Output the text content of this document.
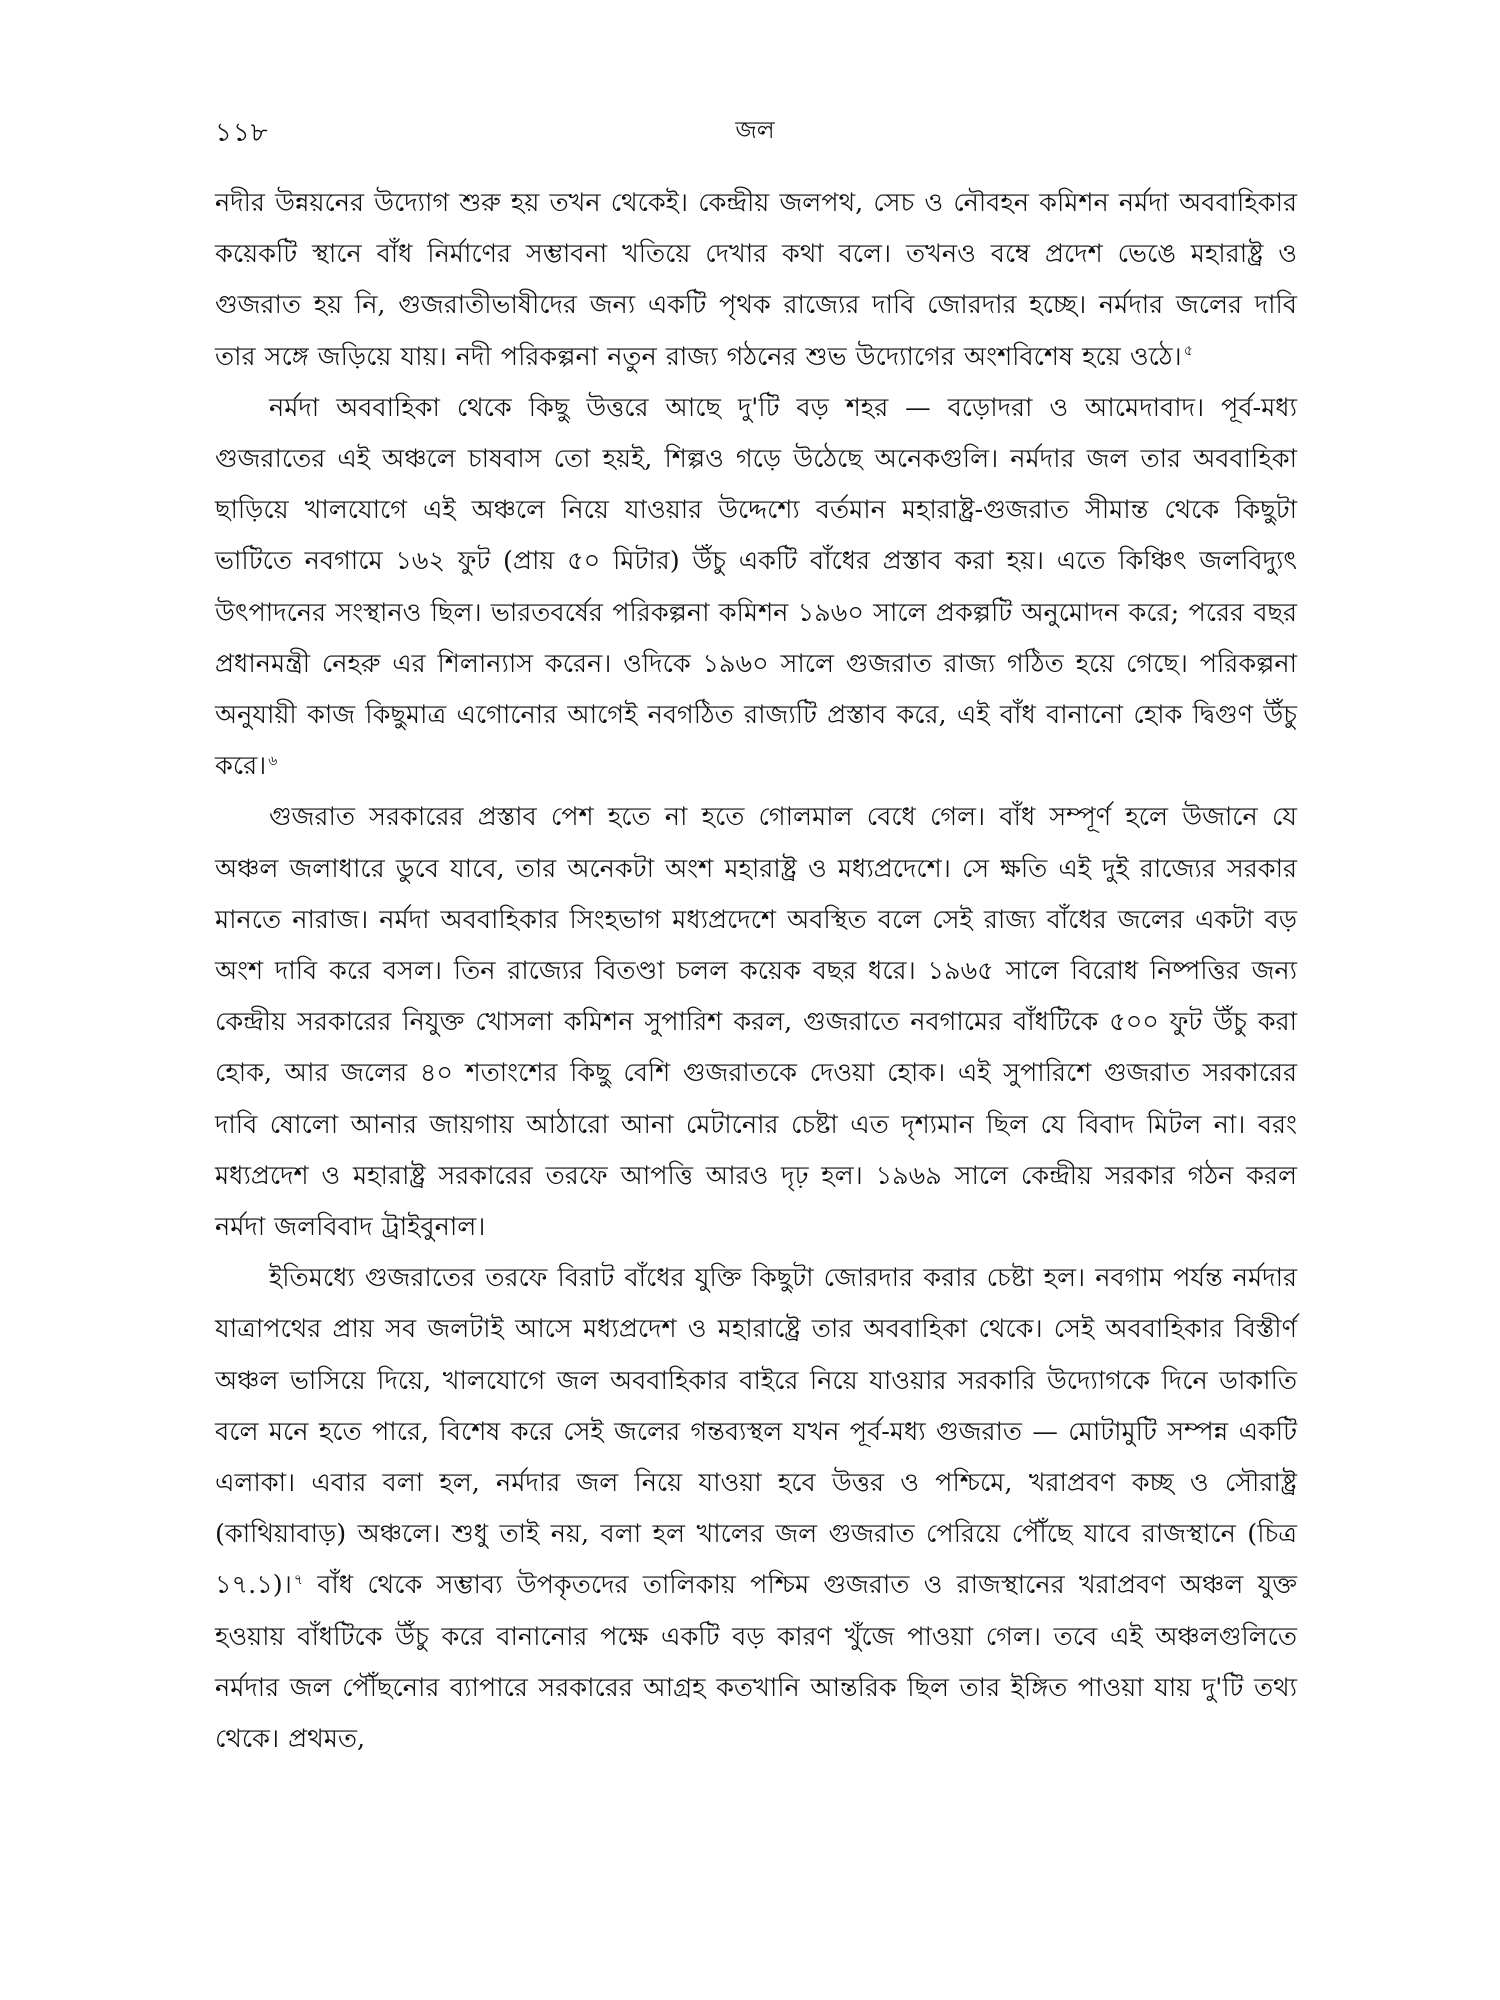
১১৮	জল

নদীর উন্নয়নের উদ্যোগ শুরু হয় তখন থেকেই। কেন্দ্রীয় জলপথ, সেচ ও নৌবহন কমিশন নর্মদা অববাহিকার কয়েকটি স্থানে বাঁধ নির্মাণের সম্ভাবনা খতিয়ে দেখার কথা বলে। তখনও বম্বে প্রদেশ ভেঙে মহারাষ্ট্র ও গুজরাত হয় নি, গুজরাতীভাষীদের জন্য একটি পৃথক রাজ্যের দাবি জোরদার হচ্ছে। নর্মদার জলের দাবি তার সঙ্গে জড়িয়ে যায়। নদী পরিকল্পনা নতুন রাজ্য গঠনের শুভ উদ্যোগের অংশবিশেষ হয়ে ওঠে। $^৫$

নর্মদা অববাহিকা থেকে কিছু উত্তরে আছে দু'টি বড় শহর — বড়োদরা ও আমেদাবাদ। পূর্ব-মধ্য গুজরাতের এই অঞ্চলে চাষবাস তো হয়ই, শিল্পও গড়ে উঠেছে অনেকগুলি। নর্মদার জল তার অববাহিকা ছাড়িয়ে খালযোগে এই অঞ্চলে নিয়ে যাওয়ার উদ্দেশ্যে বর্তমান মহারাষ্ট্র-গুজরাত সীমান্ত থেকে কিছুটা ভাটিতে নবগামে ১৬২ ফুট (প্রায় ৫০ মিটার) উঁচু একটি বাঁধের প্রস্তাব করা হয়। এতে কিঞ্চিৎ জলবিদ্যুৎ উৎপাদনের সংস্থানও ছিল। ভারতবর্ষের পরিকল্পনা কমিশন ১৯৬০ সালে প্রকল্পটি অনুমোদন করে; পরের বছর প্রধানমন্ত্রী নেহরু এর শিলান্যাস করেন। ওদিকে ১৯৬০ সালে গুজরাত রাজ্য গঠিত হয়ে গেছে। পরিকল্পনা অনুযায়ী কাজ কিছুমাত্র এগোনোর আগেই নবগঠিত রাজ্যটি প্রস্তাব করে, এই বাঁধ বানানো হোক দ্বিগুণ উঁচু করে। $^৬$

গুজরাত সরকারের প্রস্তাব পেশ হতে না হতে গোলমাল বেধে গেল। বাঁধ সম্পূর্ণ হলে উজানে যে অঞ্চল জলাধারে ডুবে যাবে, তার অনেকটা অংশ মহারাষ্ট্র ও মধ্যপ্রদেশে। সে ক্ষতি এই দুই রাজ্যের সরকার মানতে নারাজ। নর্মদা অববাহিকার সিংহভাগ মধ্যপ্রদেশে অবস্থিত বলে সেই রাজ্য বাঁধের জলের একটা বড় অংশ দাবি করে বসল। তিন রাজ্যের বিতণ্ডা চলল কয়েক বছর ধরে। ১৯৬৫ সালে বিরোধ নিষ্পত্তির জন্য কেন্দ্রীয় সরকারের নিযুক্ত খোসলা কমিশন সুপারিশ করল, গুজরাতে নবগামের বাঁধটিকে ৫০০ ফুট উঁচু করা হোক, আর জলের ৪০ শতাংশের কিছু বেশি গুজরাতকে দেওয়া হোক। এই সুপারিশে গুজরাত সরকারের দাবি ষোলো আনার জায়গায় আঠারো আনা মেটানোর চেষ্টা এত দৃশ্যমান ছিল যে বিবাদ মিটল না। বরং মধ্যপ্রদেশ ও মহারাষ্ট্র সরকারের তরফে আপত্তি আরও দৃঢ় হল। ১৯৬৯ সালে কেন্দ্রীয় সরকার গঠন করল নর্মদা জলবিবাদ ট্রাইবুনাল।

ইতিমধ্যে গুজরাতের তরফে বিরাট বাঁধের যুক্তি কিছুটা জোরদার করার চেষ্টা হল। নবগাম পর্যন্ত নর্মদার যাত্রাপথের প্রায় সব জলটাই আসে মধ্যপ্রদেশ ও মহারাষ্ট্রে তার অববাহিকা থেকে। সেই অববাহিকার বিস্তীর্ণ অঞ্চল ভাসিয়ে দিয়ে, খালযোগে জল অববাহিকার বাইরে নিয়ে যাওয়ার সরকারি উদ্যোগকে দিনে ডাকাতি বলে মনে হতে পারে, বিশেষ করে সেই জলের গন্তব্যস্থল যখন পূর্ব-মধ্য গুজরাত — মোটামুটি সম্পন্ন একটি এলাকা। এবার বলা হল, নর্মদার জল নিয়ে যাওয়া হবে উত্তর ও পশ্চিমে, খরাপ্রবণ কচ্ছ ও সৌরাষ্ট্র (কাথিয়াবাড়) অঞ্চলে। শুধু তাই নয়, বলা হল খালের জল গুজরাত পেরিয়ে পৌঁছে যাবে রাজস্থানে (চিত্র ১৭.১)। $^৭$ বাঁধ থেকে সম্ভাব্য উপকৃতদের তালিকায় পশ্চিম গুজরাত ও রাজস্থানের খরাপ্রবণ অঞ্চল যুক্ত হওয়ায় বাঁধটিকে উঁচু করে বানানোর পক্ষে একটি বড় কারণ খুঁজে পাওয়া গেল। তবে এই অঞ্চলগুলিতে নর্মদার জল পৌঁছনোর ব্যাপারে সরকারের আগ্রহ কতখানি আন্তরিক ছিল তার ইঙ্গিত পাওয়া যায় দু'টি তথ্য থেকে। প্রথমত,
